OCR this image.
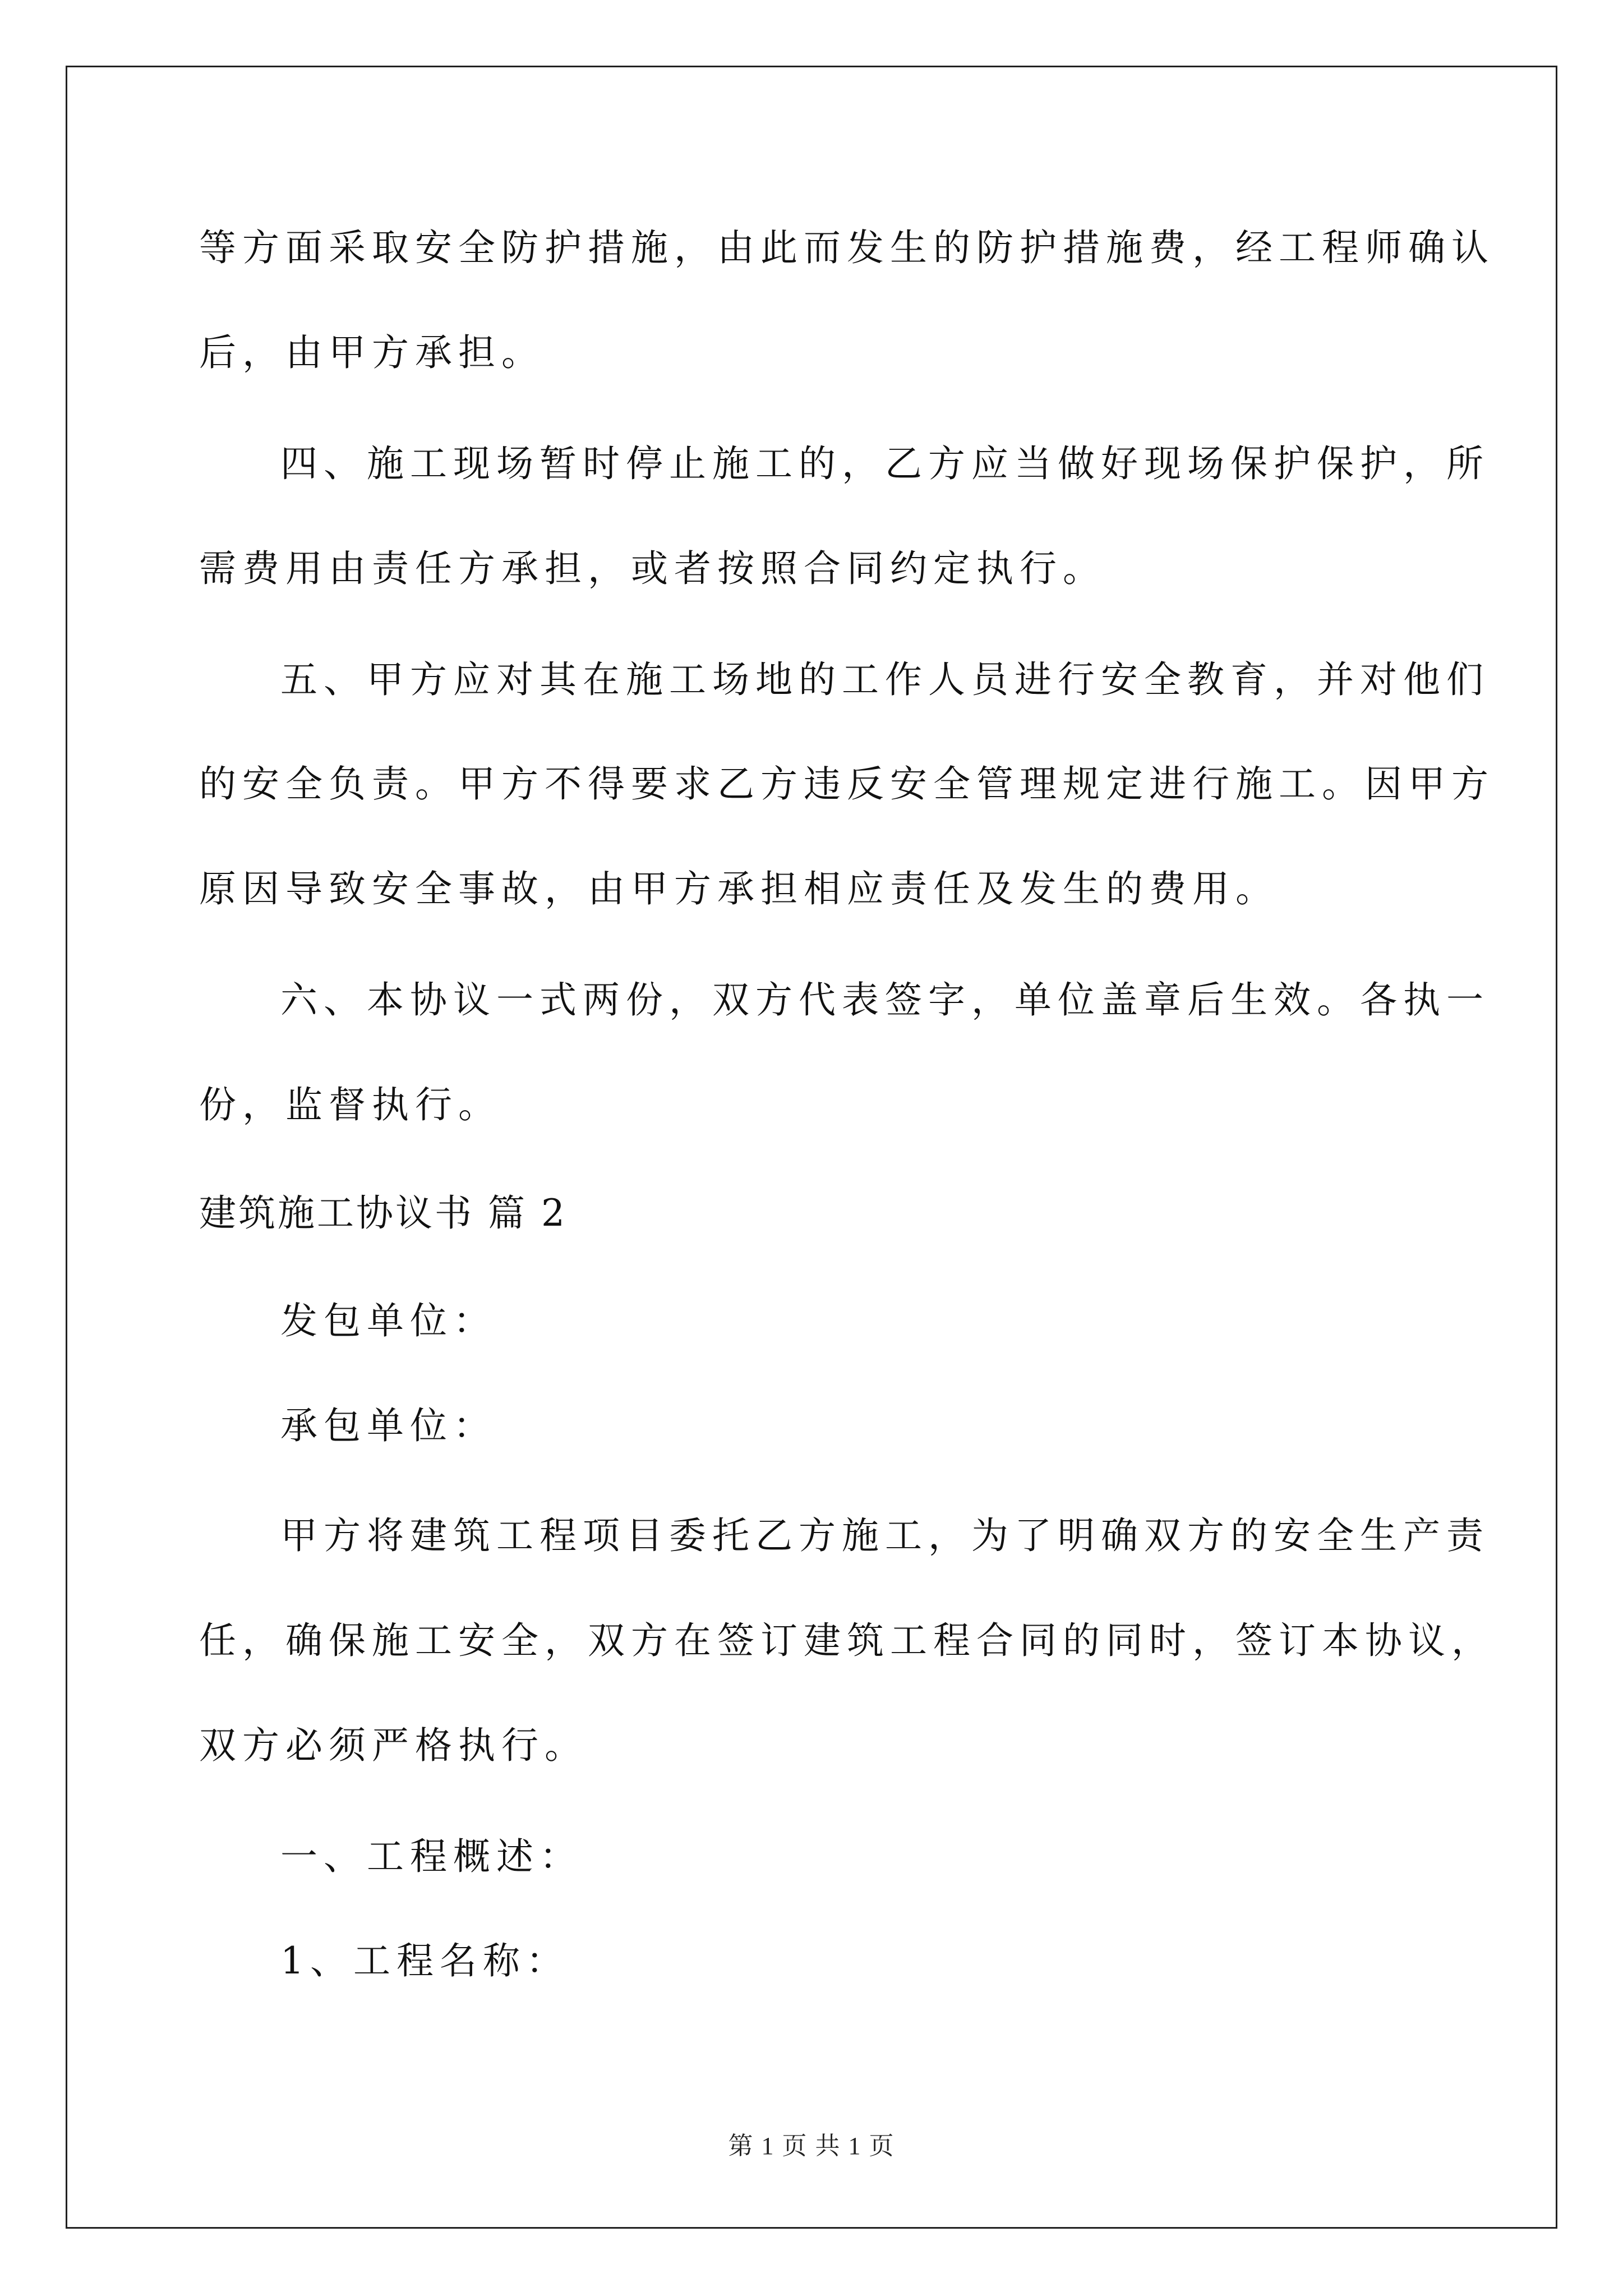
等方面采取安全防护措施，由此而发生的防护措施费，经工程师确认
后，由甲方承担。
四、施工现场暂时停止施工的，乙方应当做好现场保护保护，所
需费用由责任方承担，或者按照合同约定执行。
五、甲方应对其在施工场地的工作人员进行安全教育，并对他们
的安全负责。甲方不得要求乙方违反安全管理规定进行施工。因甲方
原因导致安全事故，由甲方承担相应责任及发生的费用。
六、本协议一式两份，双方代表签字，单位盖章后生效。各执一
份，监督执行。
建筑施工协议书 篇 2
发包单位：
承包单位：
甲方将建筑工程项目委托乙方施工，为了明确双方的安全生产责
任，确保施工安全，双方在签订建筑工程合同的同时，签订本协议，
双方必须严格执行。
一、工程概述：
1、工程名称：
第 1 页 共 1 页
